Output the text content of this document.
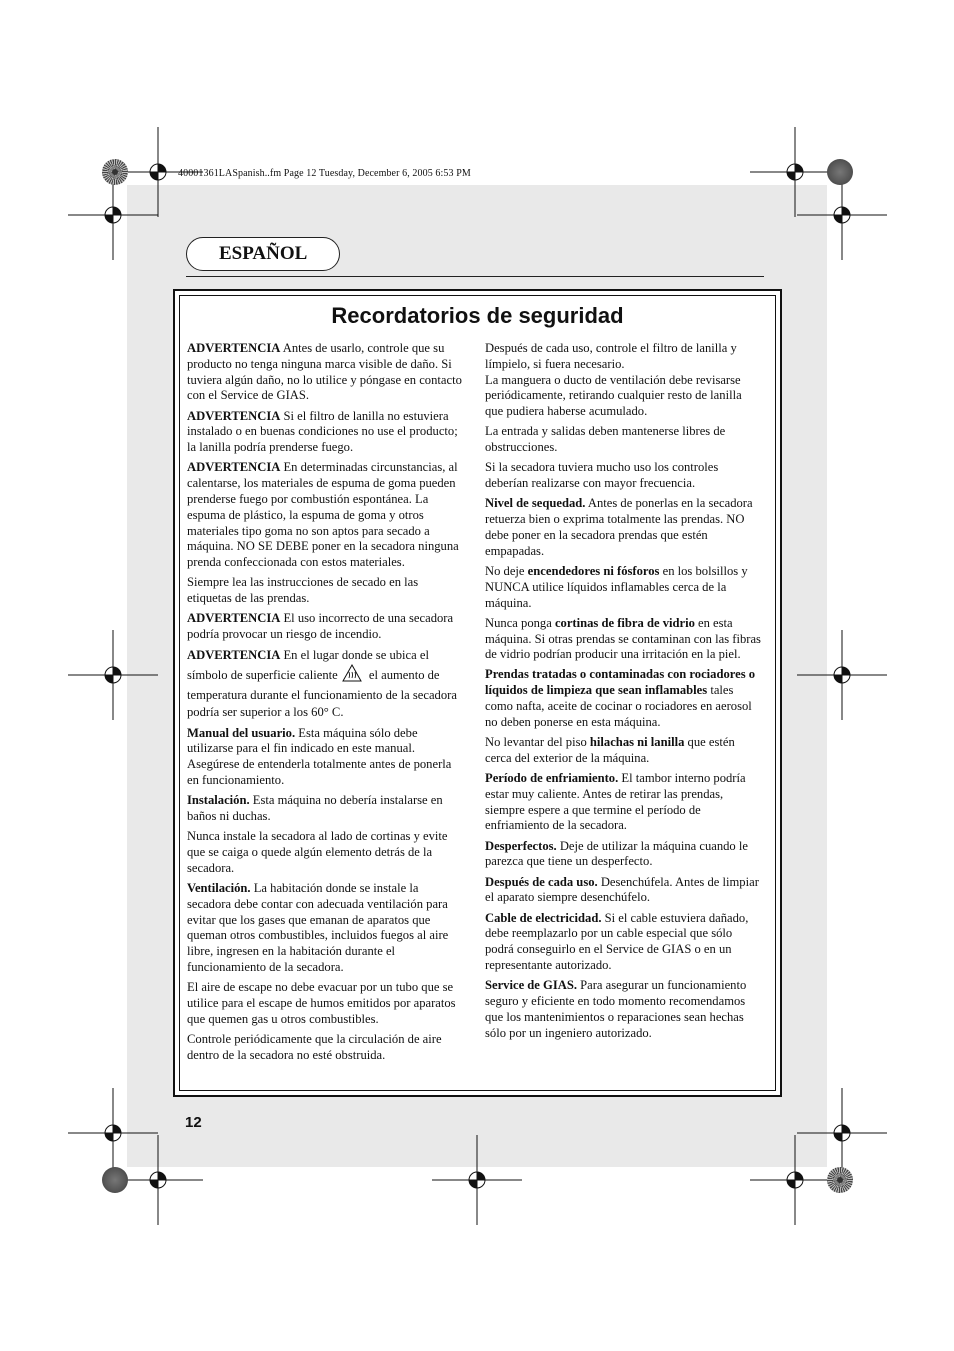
40001361LASpanish..fm Page 12 Tuesday, December 6, 2005 6:53 PM
ESPAÑOL
Recordatorios de seguridad

ADVERTENCIA Antes de usarlo, controle que su producto no tenga ninguna marca visible de daño. Si tuviera algún daño, no lo utilice y póngase en contacto con el Service de GIAS.

ADVERTENCIA Si el filtro de lanilla no estuviera instalado o en buenas condiciones no use el producto; la lanilla podría prenderse fuego.

ADVERTENCIA En determinadas circunstancias, al calentarse, los materiales de espuma de goma pueden prenderse fuego por combustión espontánea. La espuma de plástico, la espuma de goma y otros materiales tipo goma no son aptos para secado a máquina. NO SE DEBE poner en la secadora ninguna prenda confeccionada con estos materiales.

Siempre lea las instrucciones de secado en las etiquetas de las prendas.

ADVERTENCIA El uso incorrecto de una secadora podría provocar un riesgo de incendio.

ADVERTENCIA En el lugar donde se ubica el símbolo de superficie caliente el aumento de temperatura durante el funcionamiento de la secadora podría ser superior a los 60° C.

Manual del usuario. Esta máquina sólo debe utilizarse para el fin indicado en este manual. Asegúrese de entenderla totalmente antes de ponerla en funcionamiento.

Instalación. Esta máquina no debería instalarse en baños ni duchas.

Nunca instale la secadora al lado de cortinas y evite que se caiga o quede algún elemento detrás de la secadora.

Ventilación. La habitación donde se instale la secadora debe contar con adecuada ventilación para evitar que los gases que emanan de aparatos que queman otros combustibles, incluidos fuegos al aire libre, ingresen en la habitación durante el funcionamiento de la secadora.

El aire de escape no debe evacuar por un tubo que se utilice para el escape de humos emitidos por aparatos que quemen gas u otros combustibles.

Controle periódicamente que la circulación de aire dentro de la secadora no esté obstruida.

Después de cada uso, controle el filtro de lanilla y límpielo, si fuera necesario.

La manguera o ducto de ventilación debe revisarse periódicamente, retirando cualquier resto de lanilla que pudiera haberse acumulado.

La entrada y salidas deben mantenerse libres de obstrucciones.

Si la secadora tuviera mucho uso los controles deberían realizarse con mayor frecuencia.

Nivel de sequedad. Antes de ponerlas en la secadora retuerza bien o exprima totalmente las prendas. NO debe poner en la secadora prendas que estén empapadas.

No deje encendedores ni fósforos en los bolsillos y NUNCA utilice líquidos inflamables cerca de la máquina.

Nunca ponga cortinas de fibra de vidrio en esta máquina. Si otras prendas se contaminan con las fibras de vidrio podrían producir una irritación en la piel.

Prendas tratadas o contaminadas con rociadores o líquidos de limpieza que sean inflamables tales como nafta, aceite de cocinar o rociadores en aerosol no deben ponerse en esta máquina.

No levantar del piso hilachas ni lanilla que estén cerca del exterior de la máquina.

Período de enfriamiento. El tambor interno podría estar muy caliente. Antes de retirar las prendas, siempre espere a que termine el período de enfriamiento de la secadora.

Desperfectos. Deje de utilizar la máquina cuando le parezca que tiene un desperfecto.

Después de cada uso. Desenchúfela. Antes de limpiar el aparato siempre desenchúfelo.

Cable de electricidad. Si el cable estuviera dañado, debe reemplazarlo por un cable especial que sólo podrá conseguirlo en el Service de GIAS o en un representante autorizado.

Service de GIAS. Para asegurar un funcionamiento seguro y eficiente en todo momento recomendamos que los mantenimientos o reparaciones sean hechas sólo por un ingeniero autorizado.

12
